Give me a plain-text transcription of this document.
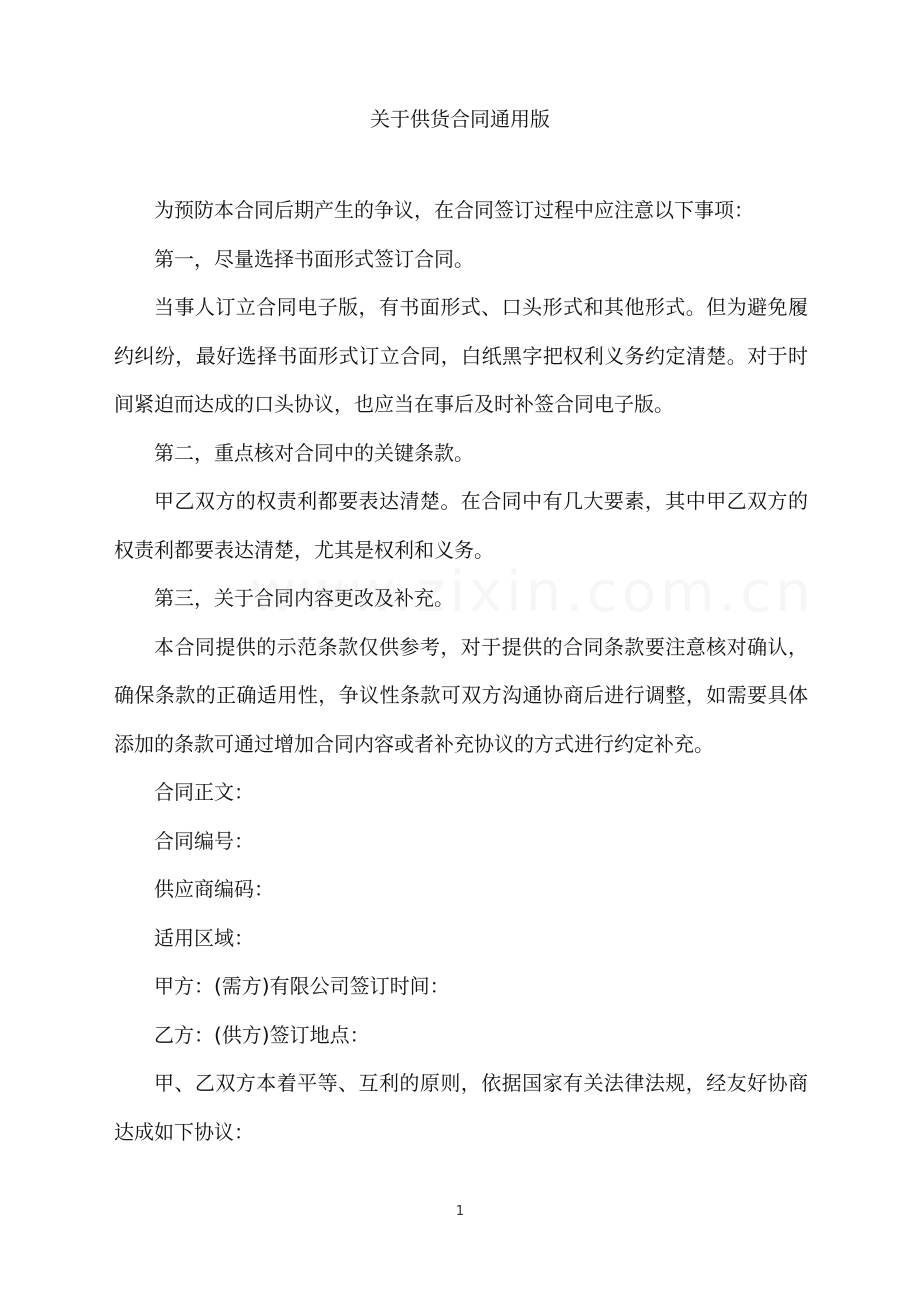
关于供货合同通用版

为预防本合同后期产生的争议，在合同签订过程中应注意以下事项：

第一，尽量选择书面形式签订合同。

当事人订立合同电子版，有书面形式、口头形式和其他形式。但为避免履约纠纷，最好选择书面形式订立合同，白纸黑字把权利义务约定清楚。对于时间紧迫而达成的口头协议，也应当在事后及时补签合同电子版。

第二，重点核对合同中的关键条款。

甲乙双方的权责利都要表达清楚。在合同中有几大要素，其中甲乙双方的权责利都要表达清楚，尤其是权利和义务。

第三，关于合同内容更改及补充。

本合同提供的示范条款仅供参考，对于提供的合同条款要注意核对确认，确保条款的正确适用性，争议性条款可双方沟通协商后进行调整，如需要具体添加的条款可通过增加合同内容或者补充协议的方式进行约定补充。

合同正文：

合同编号：

供应商编码：

适用区域：

甲方：(需方)有限公司签订时间：

乙方：(供方)签订地点：

甲、乙双方本着平等、互利的原则，依据国家有关法律法规，经友好协商达成如下协议：

1
